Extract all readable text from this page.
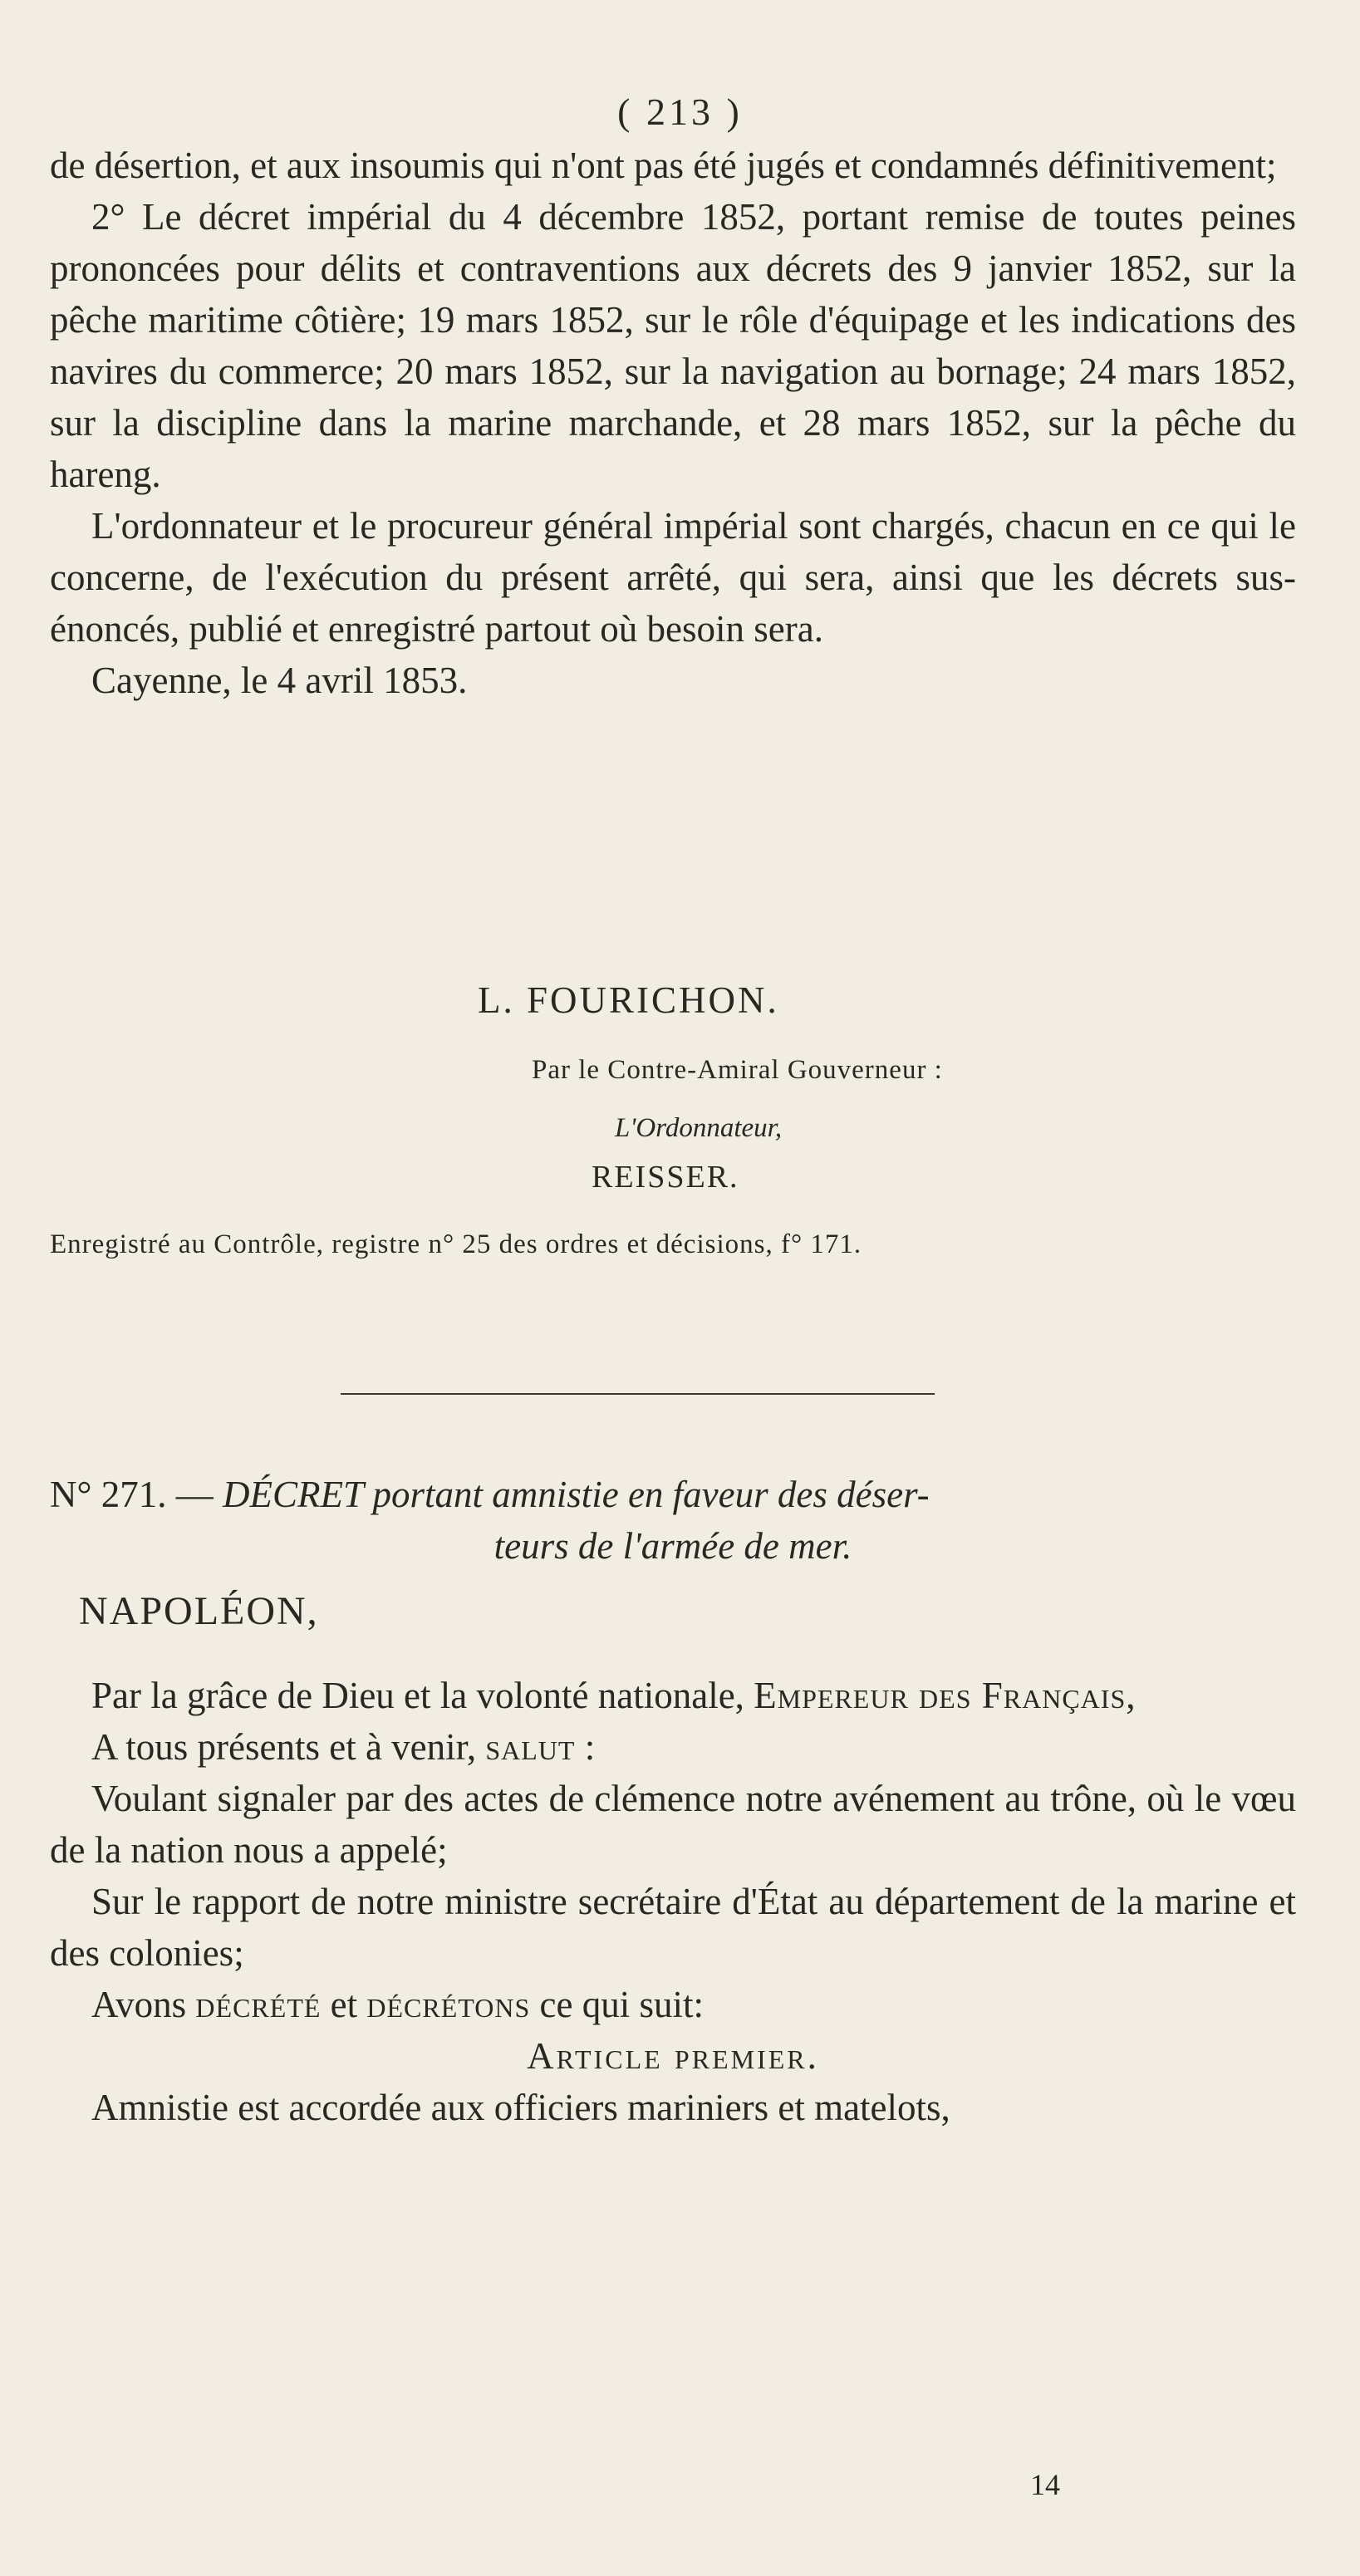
( 213 )

de désertion, et aux insoumis qui n'ont pas été jugés et condamnés définitivement;

2° Le décret impérial du 4 décembre 1852, portant remise de toutes peines prononcées pour délits et contraventions aux décrets des 9 janvier 1852, sur la pêche maritime côtière; 19 mars 1852, sur le rôle d'équipage et les indications des navires du commerce; 20 mars 1852, sur la navigation au bornage; 24 mars 1852, sur la discipline dans la marine marchande, et 28 mars 1852, sur la pêche du hareng.

L'ordonnateur et le procureur général impérial sont chargés, chacun en ce qui le concerne, de l'exécution du présent arrêté, qui sera, ainsi que les décrets sus-énoncés, publié et enregistré partout où besoin sera.

Cayenne, le 4 avril 1853.

L. FOURICHON.
Par le Contre-Amiral Gouverneur :
L'Ordonnateur,
REISSER.
Enregistré au Contrôle, registre n° 25 des ordres et décisions, f° 171.
N° 271. — DÉCRET portant amnistie en faveur des déser-
teurs de l'armée de mer.
NAPOLÉON,

Par la grâce de Dieu et la volonté nationale, Empereur des Français,

A tous présents et à venir, salut :

Voulant signaler par des actes de clémence notre avénement au trône, où le vœu de la nation nous a appelé;

Sur le rapport de notre ministre secrétaire d'État au département de la marine et des colonies;

Avons décrété et décrétons ce qui suit:

Article premier.

Amnistie est accordée aux officiers mariniers et matelots,

14
